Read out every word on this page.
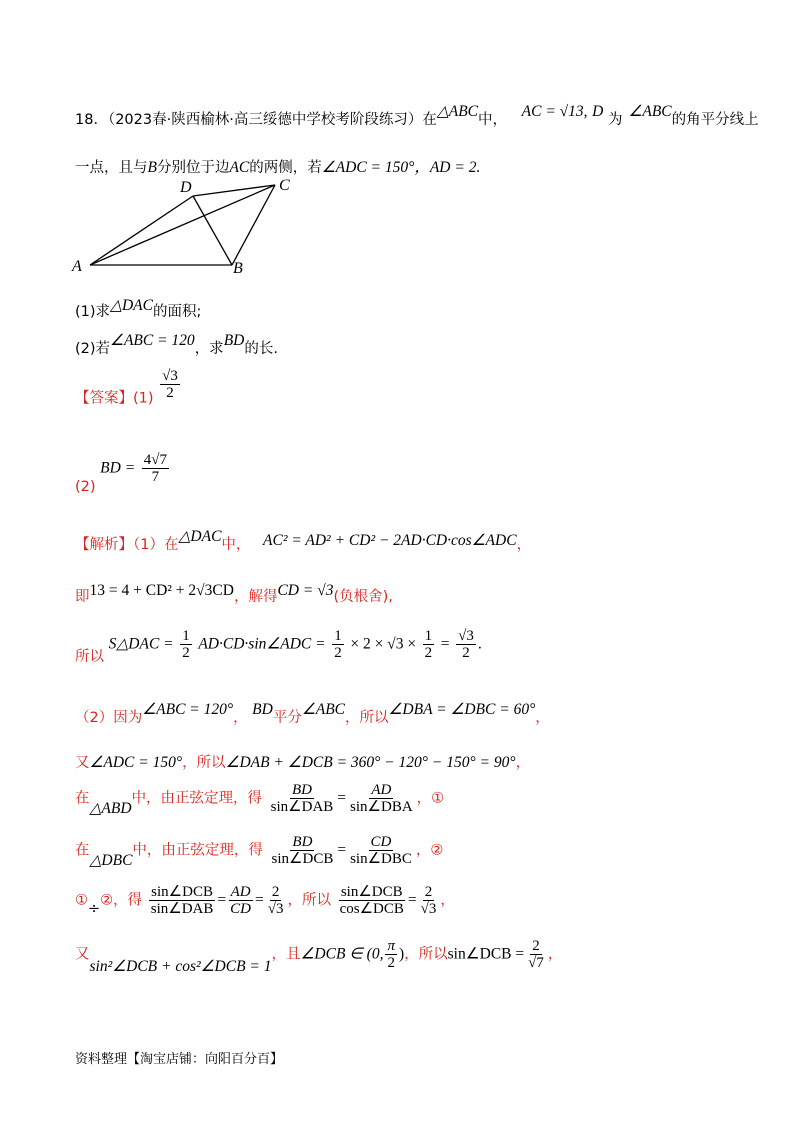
18．（2023春·陕西榆林·高三绥德中学校考阶段练习）在△ABC中， AC = √13, D 为 ∠ABC的角平分线上
一点，且与B分别位于边AC的两侧，若∠ADC = 150°，AD = 2.
A	B
C
D
(1)求△DAC的面积;
(2)若∠ABC = 120，求BD的长.
【答案】$(1) \frac{√3}{2}$
(2) BD = $\frac{4√7}{7}$
【解析】（1）在△DAC中， AC² = AD² + CD² − 2AD·CD·cos∠ADC，
即13 = 4 + CD² + 2√3CD，解得CD = √3(负根舍),
所以 S△DAC = $\frac{1}{2}$ AD·CD·sin∠ADC = $\frac{1}{2} \times 2 \times √3 \times \frac{1}{2} = \frac{√3}{2}$ .
（2）因为∠ABC = 120°， BD平分∠ABC，所以∠DBA = ∠DBC = 60°，
又∠ADC = 150°，所以∠DAB + ∠DCB = 360° − 120° − 150° = 90°，
在△ABD中，由正弦定理，得 $\frac{BD}{\text{sin∠DAB}} = \frac{AD}{\text{sin∠DBA}}$ ，①
在△DBC中，由正弦定理，得 $\frac{BD}{\text{sin∠DCB}} = \frac{CD}{\text{sin∠DBC}}$ ，②
①÷②，得 $\frac{\text{sin∠DCB}}{\text{sin∠DAB}} = \frac{AD}{CD} = \frac{2}{√3}$ ，所以 $\frac{\text{sin∠DCB}}{\text{cos∠DCB}} = \frac{2}{√3}$ ，
又sin²∠DCB + cos²∠DCB = 1，且∠DCB ∈ (0, $\frac{\pi}{2}$ )，所以sin∠DCB = $\frac{2}{√7}$ ，
资料整理【淘宝店铺：向阳百分百】
